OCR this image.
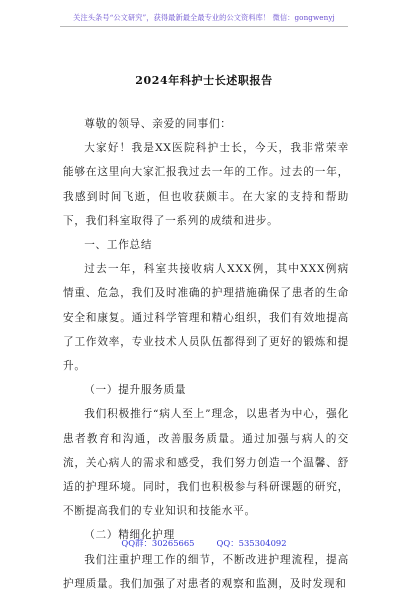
关注头条号“公文研究”，获得最新最全最专业的公文资料库！ 微信：gongwenyj
2024年科护士长述职报告

尊敬的领导、亲爱的同事们：

大家好！我是XX医院科护士长，今天，我非常荣幸能够在这里向大家汇报我过去一年的工作。过去的一年，我感到时间飞逝，但也收获颇丰。在大家的支持和帮助下，我们科室取得了一系列的成绩和进步。

一、工作总结

过去一年，科室共接收病人XXX例，其中XXX例病情重、危急，我们及时准确的护理措施确保了患者的生命安全和康复。通过科学管理和精心组织，我们有效地提高了工作效率，专业技术人员队伍都得到了更好的锻炼和提升。

（一）提升服务质量

我们积极推行“病人至上”理念，以患者为中心，强化患者教育和沟通，改善服务质量。通过加强与病人的交流，关心病人的需求和感受，我们努力创造一个温馨、舒适的护理环境。同时，我们也积极参与科研课题的研究，不断提高我们的专业知识和技能水平。

（二）精细化护理

我们注重护理工作的细节，不断改进护理流程，提高护理质量。我们加强了对患者的观察和监测，及时发现和

QQ群：30265665	QQ：535304092
